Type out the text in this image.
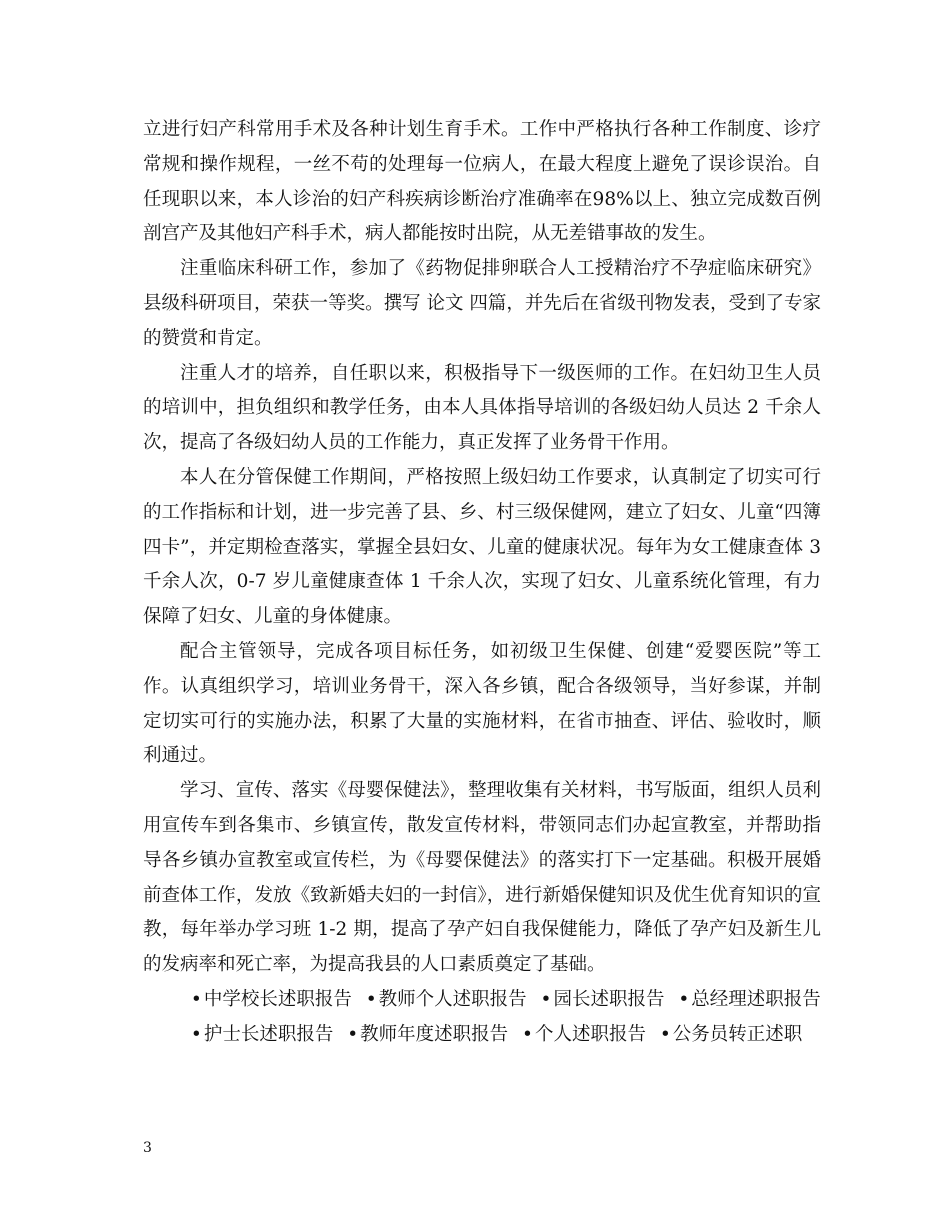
立进行妇产科常用手术及各种计划生育手术。工作中严格执行各种工作制度、诊疗常规和操作规程，一丝不苟的处理每一位病人，在最大程度上避免了误诊误治。自任现职以来，本人诊治的妇产科疾病诊断治疗准确率在98%以上、独立完成数百例剖宫产及其他妇产科手术，病人都能按时出院，从无差错事故的发生。

注重临床科研工作，参加了《药物促排卵联合人工授精治疗不孕症临床研究》县级科研项目，荣获一等奖。撰写 论文 四篇，并先后在省级刊物发表，受到了专家的赞赏和肯定。

注重人才的培养，自任职以来，积极指导下一级医师的工作。在妇幼卫生人员的培训中，担负组织和教学任务，由本人具体指导培训的各级妇幼人员达 2 千余人次，提高了各级妇幼人员的工作能力，真正发挥了业务骨干作用。

本人在分管保健工作期间，严格按照上级妇幼工作要求，认真制定了切实可行的工作指标和计划，进一步完善了县、乡、村三级保健网，建立了妇女、儿童“四簿四卡”，并定期检查落实，掌握全县妇女、儿童的健康状况。每年为女工健康查体 3 千余人次，0-7 岁儿童健康查体 1 千余人次，实现了妇女、儿童系统化管理，有力保障了妇女、儿童的身体健康。

配合主管领导，完成各项目标任务，如初级卫生保健、创建“爱婴医院”等工作。认真组织学习，培训业务骨干，深入各乡镇，配合各级领导，当好参谋，并制定切实可行的实施办法，积累了大量的实施材料，在省市抽查、评估、验收时，顺利通过。

学习、宣传、落实《母婴保健法》，整理收集有关材料，书写版面，组织人员利用宣传车到各集市、乡镇宣传，散发宣传材料，带领同志们办起宣教室，并帮助指导各乡镇办宣教室或宣传栏，为《母婴保健法》的落实打下一定基础。积极开展婚前查体工作，发放《致新婚夫妇的一封信》，进行新婚保健知识及优生优育知识的宣教，每年举办学习班 1-2 期，提高了孕产妇自我保健能力，降低了孕产妇及新生儿的发病率和死亡率，为提高我县的人口素质奠定了基础。

• 中学校长述职报告 • 教师个人述职报告 • 园长述职报告 • 总经理述职报告

• 护士长述职报告 • 教师年度述职报告 • 个人述职报告 • 公务员转正述职

3
